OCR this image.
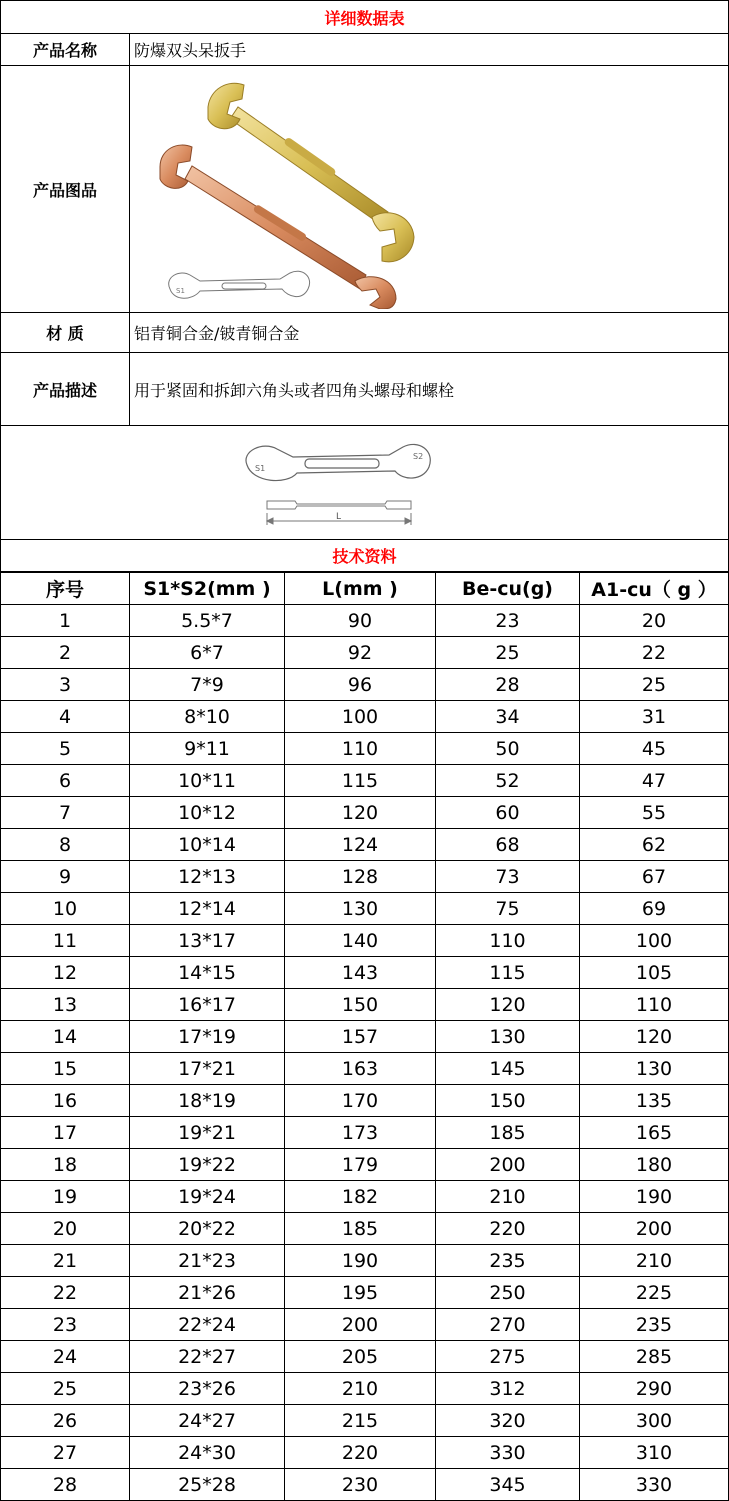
详细数据表	
产品名称	防爆双头呆扳手
产品图品	S1

材 质	铝青铜合金/铍青铜合金
产品描述	用于紧固和拆卸六角头或者四角头螺母和螺栓

S1
S2
L	

技术资料	
序号	S1*S2(mm )	L(mm )	Be-cu(g)	A1-cu（ g ）
1	5.5*7	90	23	20
2	6*7	92	25	22
3	7*9	96	28	25
4	8*10	100	34	31
5	9*11	110	50	45
6	10*11	115	52	47
7	10*12	120	60	55
8	10*14	124	68	62
9	12*13	128	73	67
10	12*14	130	75	69
11	13*17	140	110	100
12	14*15	143	115	105
13	16*17	150	120	110
14	17*19	157	130	120
15	17*21	163	145	130
16	18*19	170	150	135
17	19*21	173	185	165
18	19*22	179	200	180
19	19*24	182	210	190
20	20*22	185	220	200
21	21*23	190	235	210
22	21*26	195	250	225
23	22*24	200	270	235
24	22*27	205	275	285
25	23*26	210	312	290
26	24*27	215	320	300
27	24*30	220	330	310
28	25*28	230	345	330
